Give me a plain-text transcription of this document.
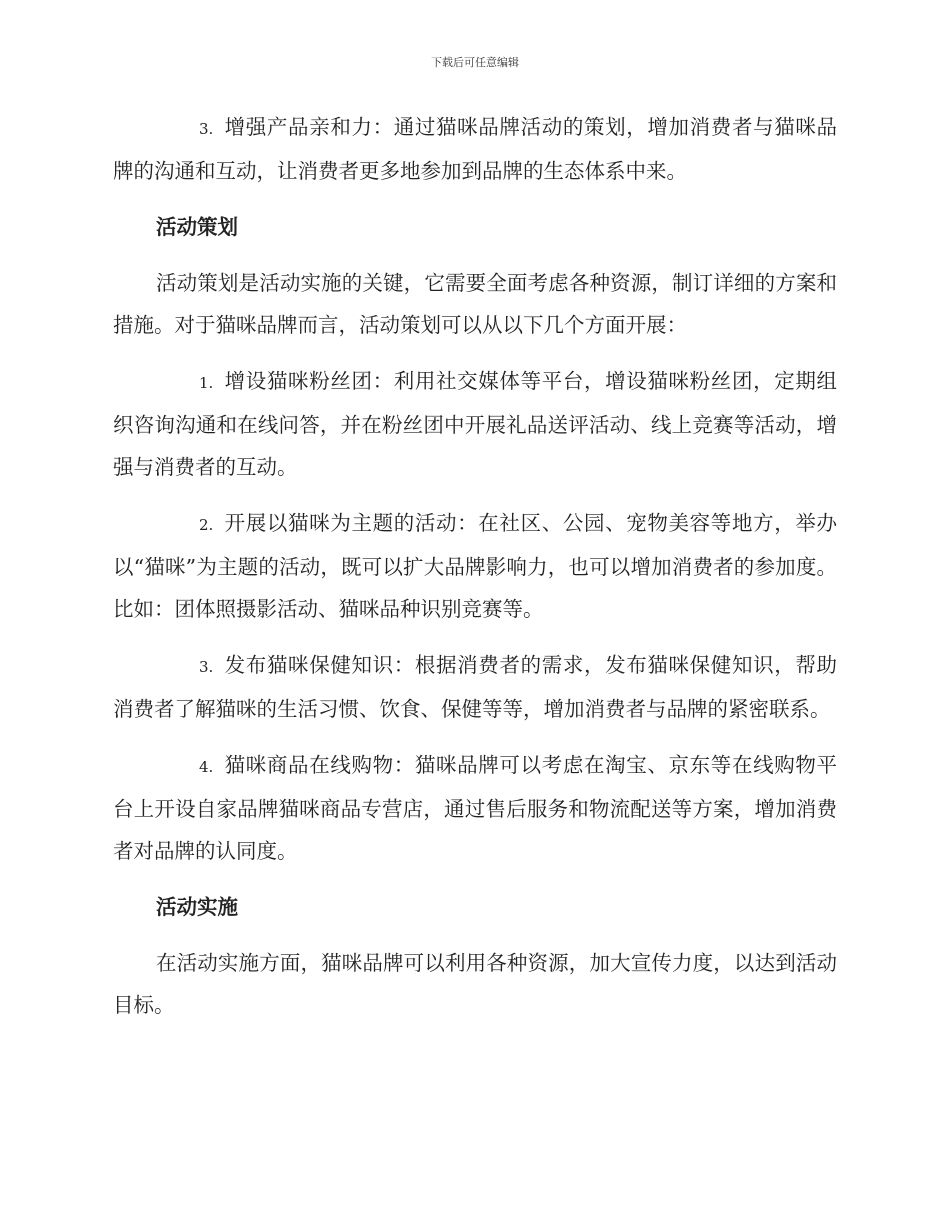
下载后可任意编辑

3. 增强产品亲和力：通过猫咪品牌活动的策划，增加消费者与猫咪品牌的沟通和互动，让消费者更多地参加到品牌的生态体系中来。

活动策划

活动策划是活动实施的关键，它需要全面考虑各种资源，制订详细的方案和措施。对于猫咪品牌而言，活动策划可以从以下几个方面开展：

1. 增设猫咪粉丝团：利用社交媒体等平台，增设猫咪粉丝团，定期组织咨询沟通和在线问答，并在粉丝团中开展礼品送评活动、线上竞赛等活动，增强与消费者的互动。

2. 开展以猫咪为主题的活动：在社区、公园、宠物美容等地方，举办以“猫咪”为主题的活动，既可以扩大品牌影响力，也可以增加消费者的参加度。比如：团体照摄影活动、猫咪品种识别竞赛等。

3. 发布猫咪保健知识：根据消费者的需求，发布猫咪保健知识，帮助消费者了解猫咪的生活习惯、饮食、保健等等，增加消费者与品牌的紧密联系。

4. 猫咪商品在线购物：猫咪品牌可以考虑在淘宝、京东等在线购物平台上开设自家品牌猫咪商品专营店，通过售后服务和物流配送等方案，增加消费者对品牌的认同度。

活动实施

在活动实施方面，猫咪品牌可以利用各种资源，加大宣传力度，以达到活动目标。
